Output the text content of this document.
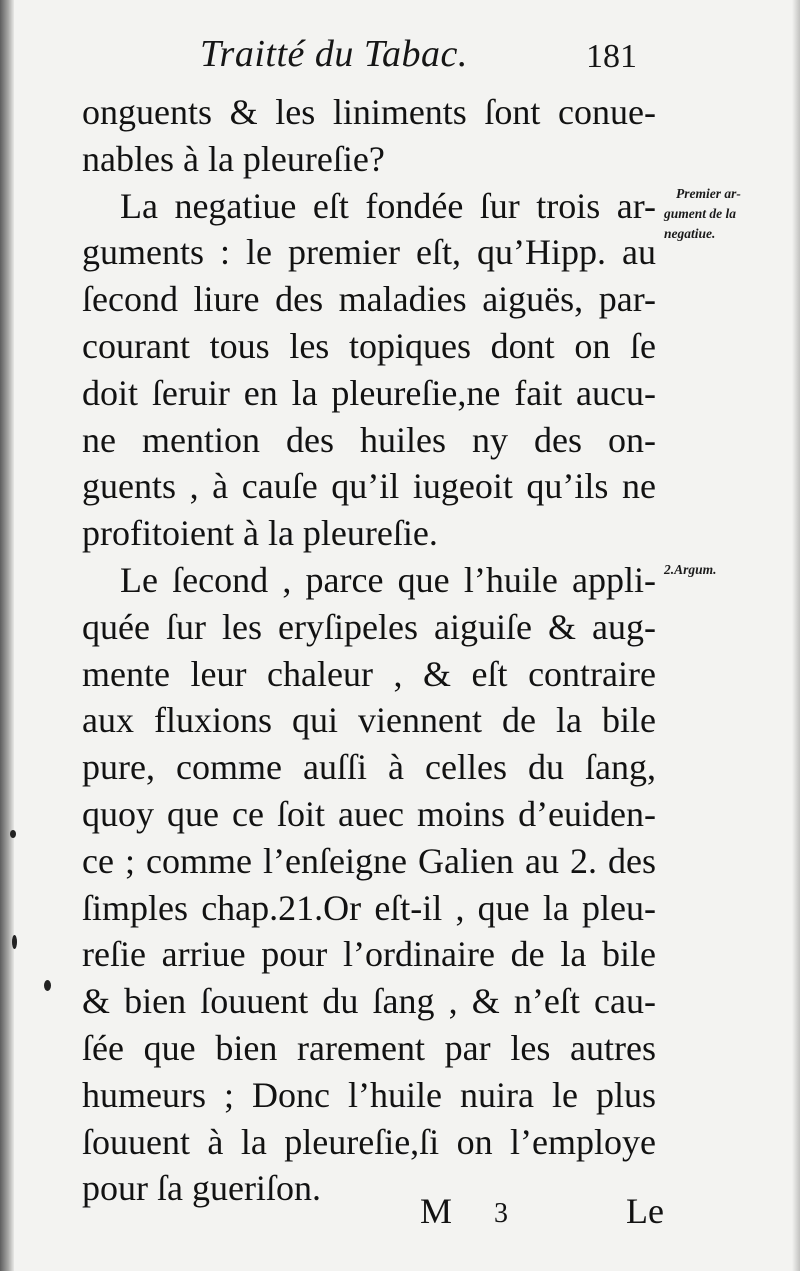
Traitté du Tabac.	181
onguents & les liniments ſont conue-
nables à la pleureſie?
La negatiue eſt fondée ſur trois ar-
guments : le premier eſt, qu’Hipp. au
ſecond liure des maladies aiguës, par-
courant tous les topiques dont on ſe
doit ſeruir en la pleureſie,ne fait aucu-
ne mention des huiles ny des on-
guents , à cauſe qu’il iugeoit qu’ils ne
profitoient à la pleureſie.
Le ſecond , parce que l’huile appli-
quée ſur les eryſipeles aiguiſe & aug-
mente leur chaleur , & eſt contraire
aux fluxions qui viennent de la bile
pure, comme auſſi à celles du ſang,
quoy que ce ſoit auec moins d’euiden-
ce ; comme l’enſeigne Galien au 2. des
ſimples chap.21.Or eſt-il , que la pleu-
reſie arriue pour l’ordinaire de la bile
& bien ſouuent du ſang , & n’eſt cau-
ſée que bien rarement par les autres
humeurs ; Donc l’huile nuira le plus
ſouuent à la pleureſie,ſi on l’employe
pour ſa gueriſon.
Premier ar-
gument de la
negatiue.
2.Argum.
M 3	Le
